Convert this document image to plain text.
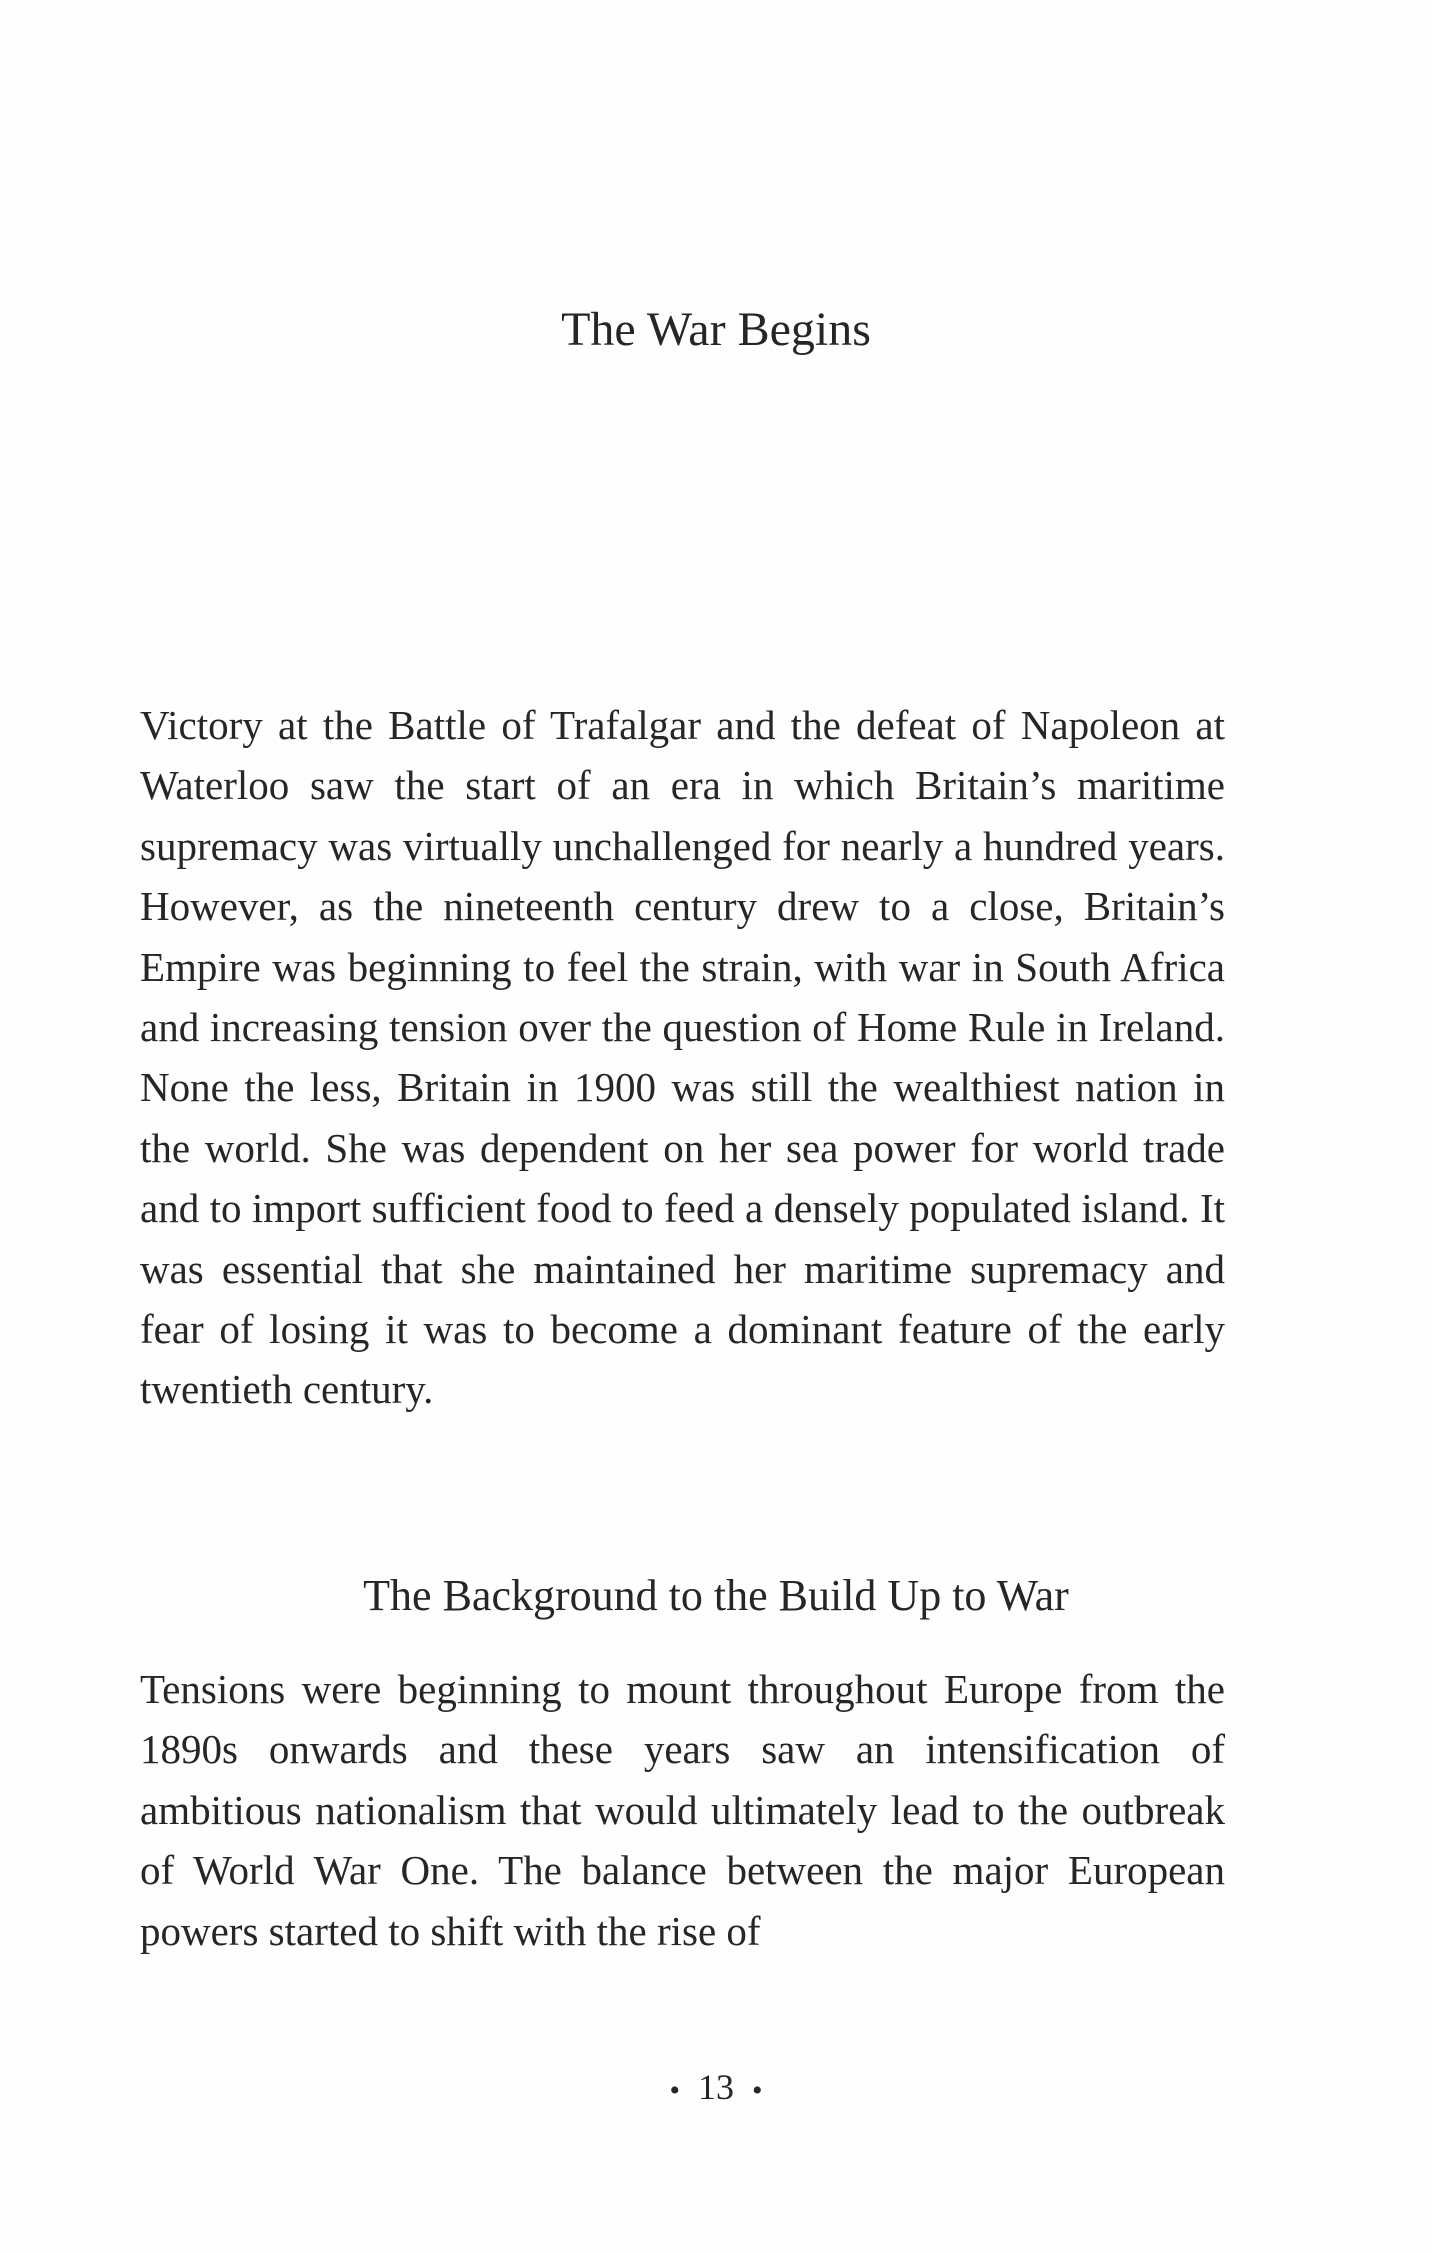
The War Begins

Victory at the Battle of Trafalgar and the defeat of Napoleon at Waterloo saw the start of an era in which Britain’s maritime supremacy was virtually unchallenged for nearly a hundred years. However, as the nineteenth century drew to a close, Britain’s Empire was beginning to feel the strain, with war in South Africa and increasing tension over the question of Home Rule in Ireland. None the less, Britain in 1900 was still the wealthiest nation in the world. She was dependent on her sea power for world trade and to import sufficient food to feed a densely populated island. It was essential that she maintained her maritime supremacy and fear of losing it was to become a dominant feature of the early twentieth century.

The Background to the Build Up to War

Tensions were beginning to mount throughout Europe from the 1890s onwards and these years saw an intensification of ambitious nationalism that would ultimately lead to the outbreak of World War One. The balance between the major European powers started to shift with the rise of

• 13 •
